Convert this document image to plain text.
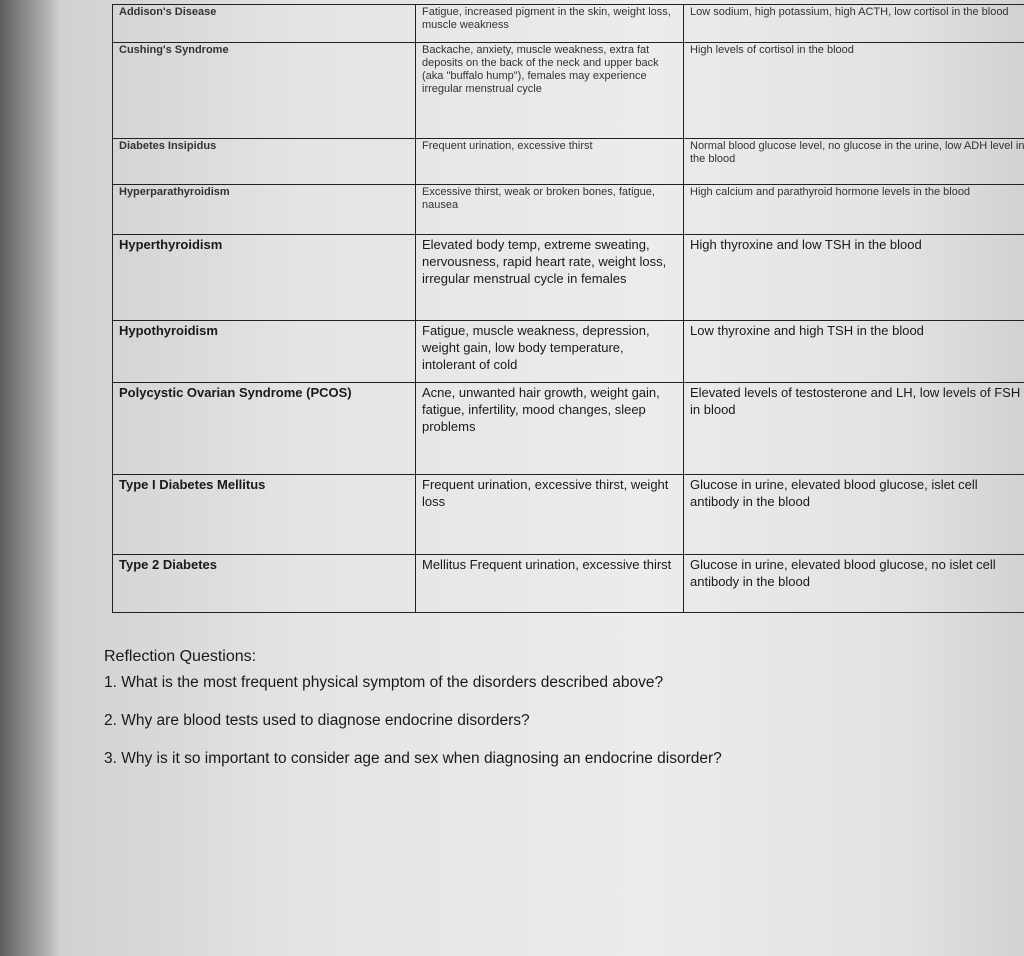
Addison's Disease	Fatigue, increased pigment in the skin, weight loss, muscle weakness	Low sodium, high potassium, high ACTH, low cortisol in the blood
Cushing's Syndrome	Backache, anxiety, muscle weakness, extra fat deposits on the back of the neck and upper back (aka "buffalo hump"), females may experience irregular menstrual cycle	High levels of cortisol in the blood
Diabetes Insipidus	Frequent urination, excessive thirst	Normal blood glucose level, no glucose in the urine, low ADH level in the blood
Hyperparathyroidism	Excessive thirst, weak or broken bones, fatigue, nausea	High calcium and parathyroid hormone levels in the blood
Hyperthyroidism	Elevated body temp, extreme sweating, nervousness, rapid heart rate, weight loss, irregular menstrual cycle in females	High thyroxine and low TSH in the blood
Hypothyroidism	Fatigue, muscle weakness, depression, weight gain, low body temperature, intolerant of cold	Low thyroxine and high TSH in the blood
Polycystic Ovarian Syndrome (PCOS)	Acne, unwanted hair growth, weight gain, fatigue, infertility, mood changes, sleep problems	Elevated levels of testosterone and LH, low levels of FSH in blood
Type I Diabetes Mellitus	Frequent urination, excessive thirst, weight loss	Glucose in urine, elevated blood glucose, islet cell antibody in the blood
Type 2 Diabetes	Mellitus Frequent urination, excessive thirst	Glucose in urine, elevated blood glucose, no islet cell antibody in the blood
Reflection Questions:
1. What is the most frequent physical symptom of the disorders described above?
2. Why are blood tests used to diagnose endocrine disorders?
3. Why is it so important to consider age and sex when diagnosing an endocrine disorder?
